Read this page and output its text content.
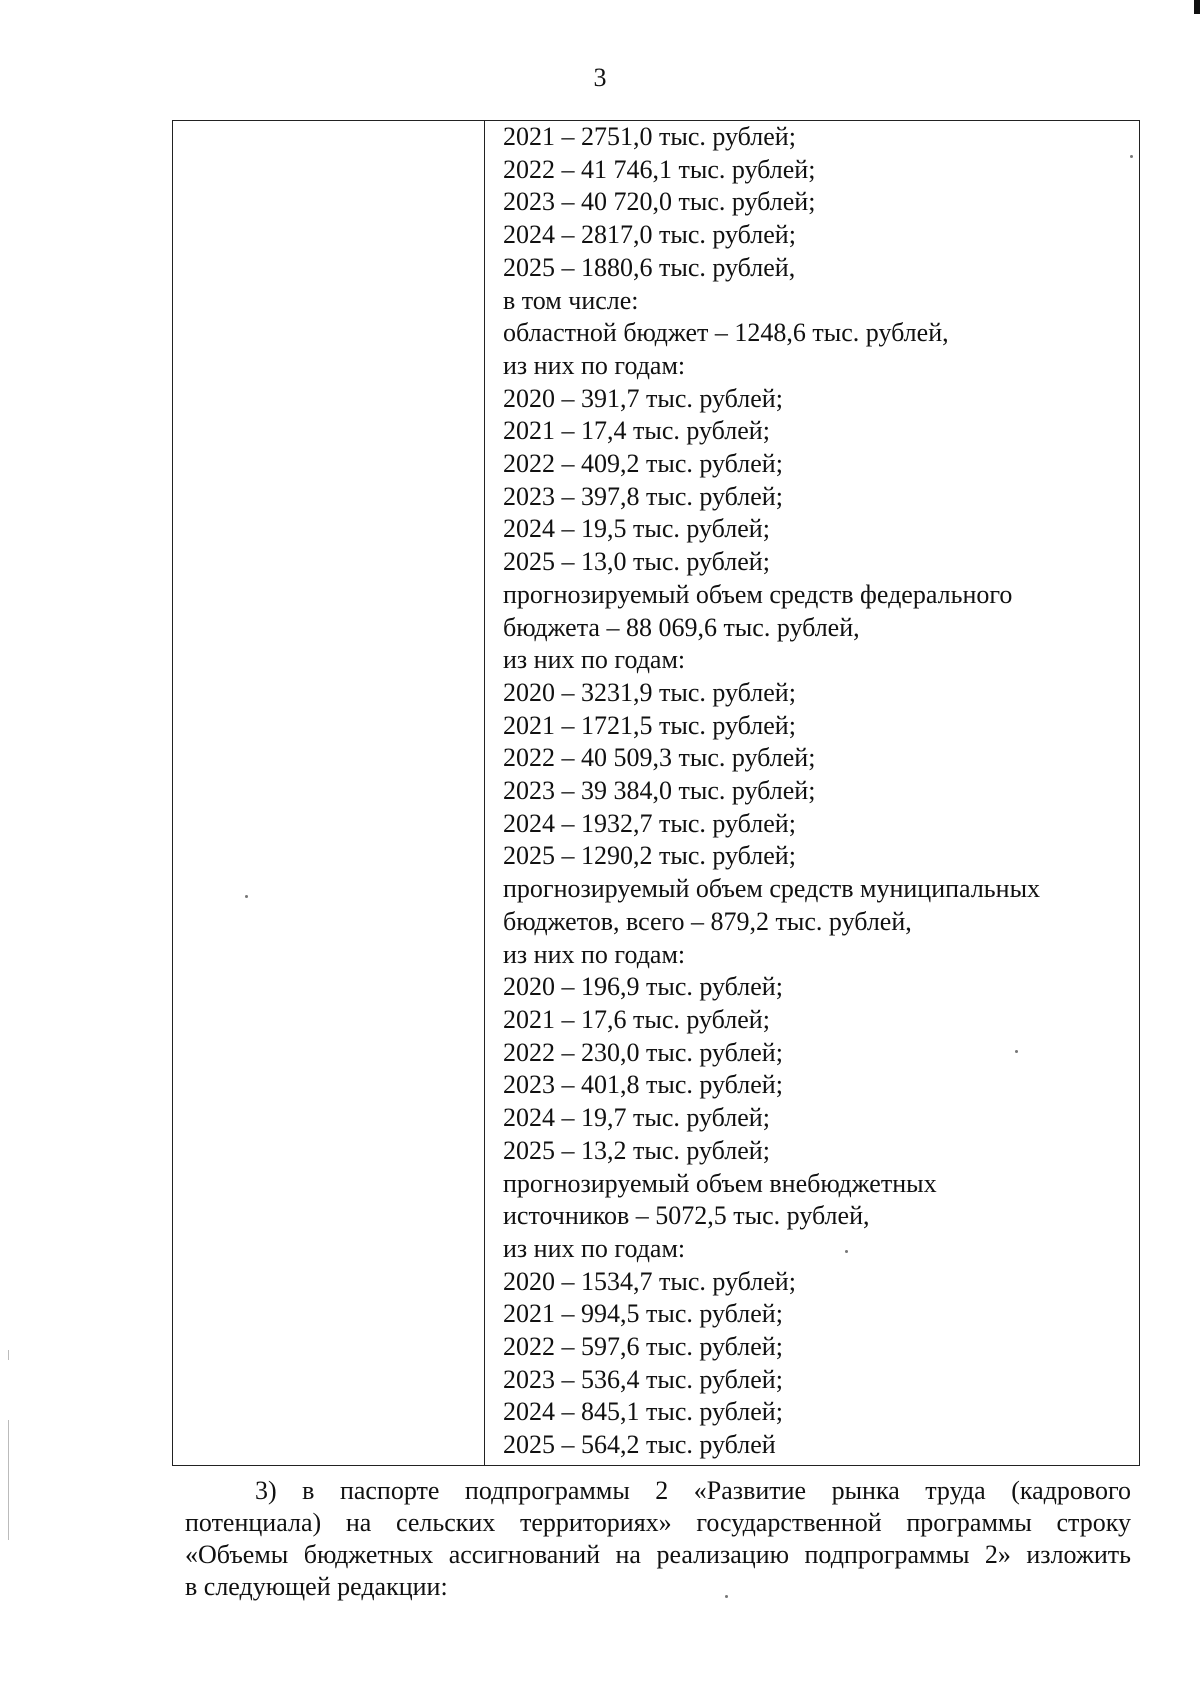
3
2021 – 2751,0 тыс. рублей;
2022 – 41 746,1 тыс. рублей;
2023 – 40 720,0 тыс. рублей;
2024 – 2817,0 тыс. рублей;
2025 – 1880,6 тыс. рублей,
в том числе:
областной бюджет – 1248,6 тыс. рублей,
из них по годам:
2020 – 391,7 тыс. рублей;
2021 – 17,4 тыс. рублей;
2022 – 409,2 тыс. рублей;
2023 – 397,8 тыс. рублей;
2024 – 19,5 тыс. рублей;
2025 – 13,0 тыс. рублей;
прогнозируемый объем средств федерального
бюджета – 88 069,6 тыс. рублей,
из них по годам:
2020 – 3231,9 тыс. рублей;
2021 – 1721,5 тыс. рублей;
2022 – 40 509,3 тыс. рублей;
2023 – 39 384,0 тыс. рублей;
2024 – 1932,7 тыс. рублей;
2025 – 1290,2 тыс. рублей;
прогнозируемый объем средств муниципальных
бюджетов, всего – 879,2 тыс. рублей,
из них по годам:
2020 – 196,9 тыс. рублей;
2021 – 17,6 тыс. рублей;
2022 – 230,0 тыс. рублей;
2023 – 401,8 тыс. рублей;
2024 – 19,7 тыс. рублей;
2025 – 13,2 тыс. рублей;
прогнозируемый объем внебюджетных
источников – 5072,5 тыс. рублей,
из них по годам:
2020 – 1534,7 тыс. рублей;
2021 – 994,5 тыс. рублей;
2022 – 597,6 тыс. рублей;
2023 – 536,4 тыс. рублей;
2024 – 845,1 тыс. рублей;
2025 – 564,2 тыс. рублей
3) в паспорте подпрограммы 2 «Развитие рынка труда (кадрового
потенциала) на сельских территориях» государственной программы строку
«Объемы бюджетных ассигнований на реализацию подпрограммы 2» изложить
в следующей редакции:
